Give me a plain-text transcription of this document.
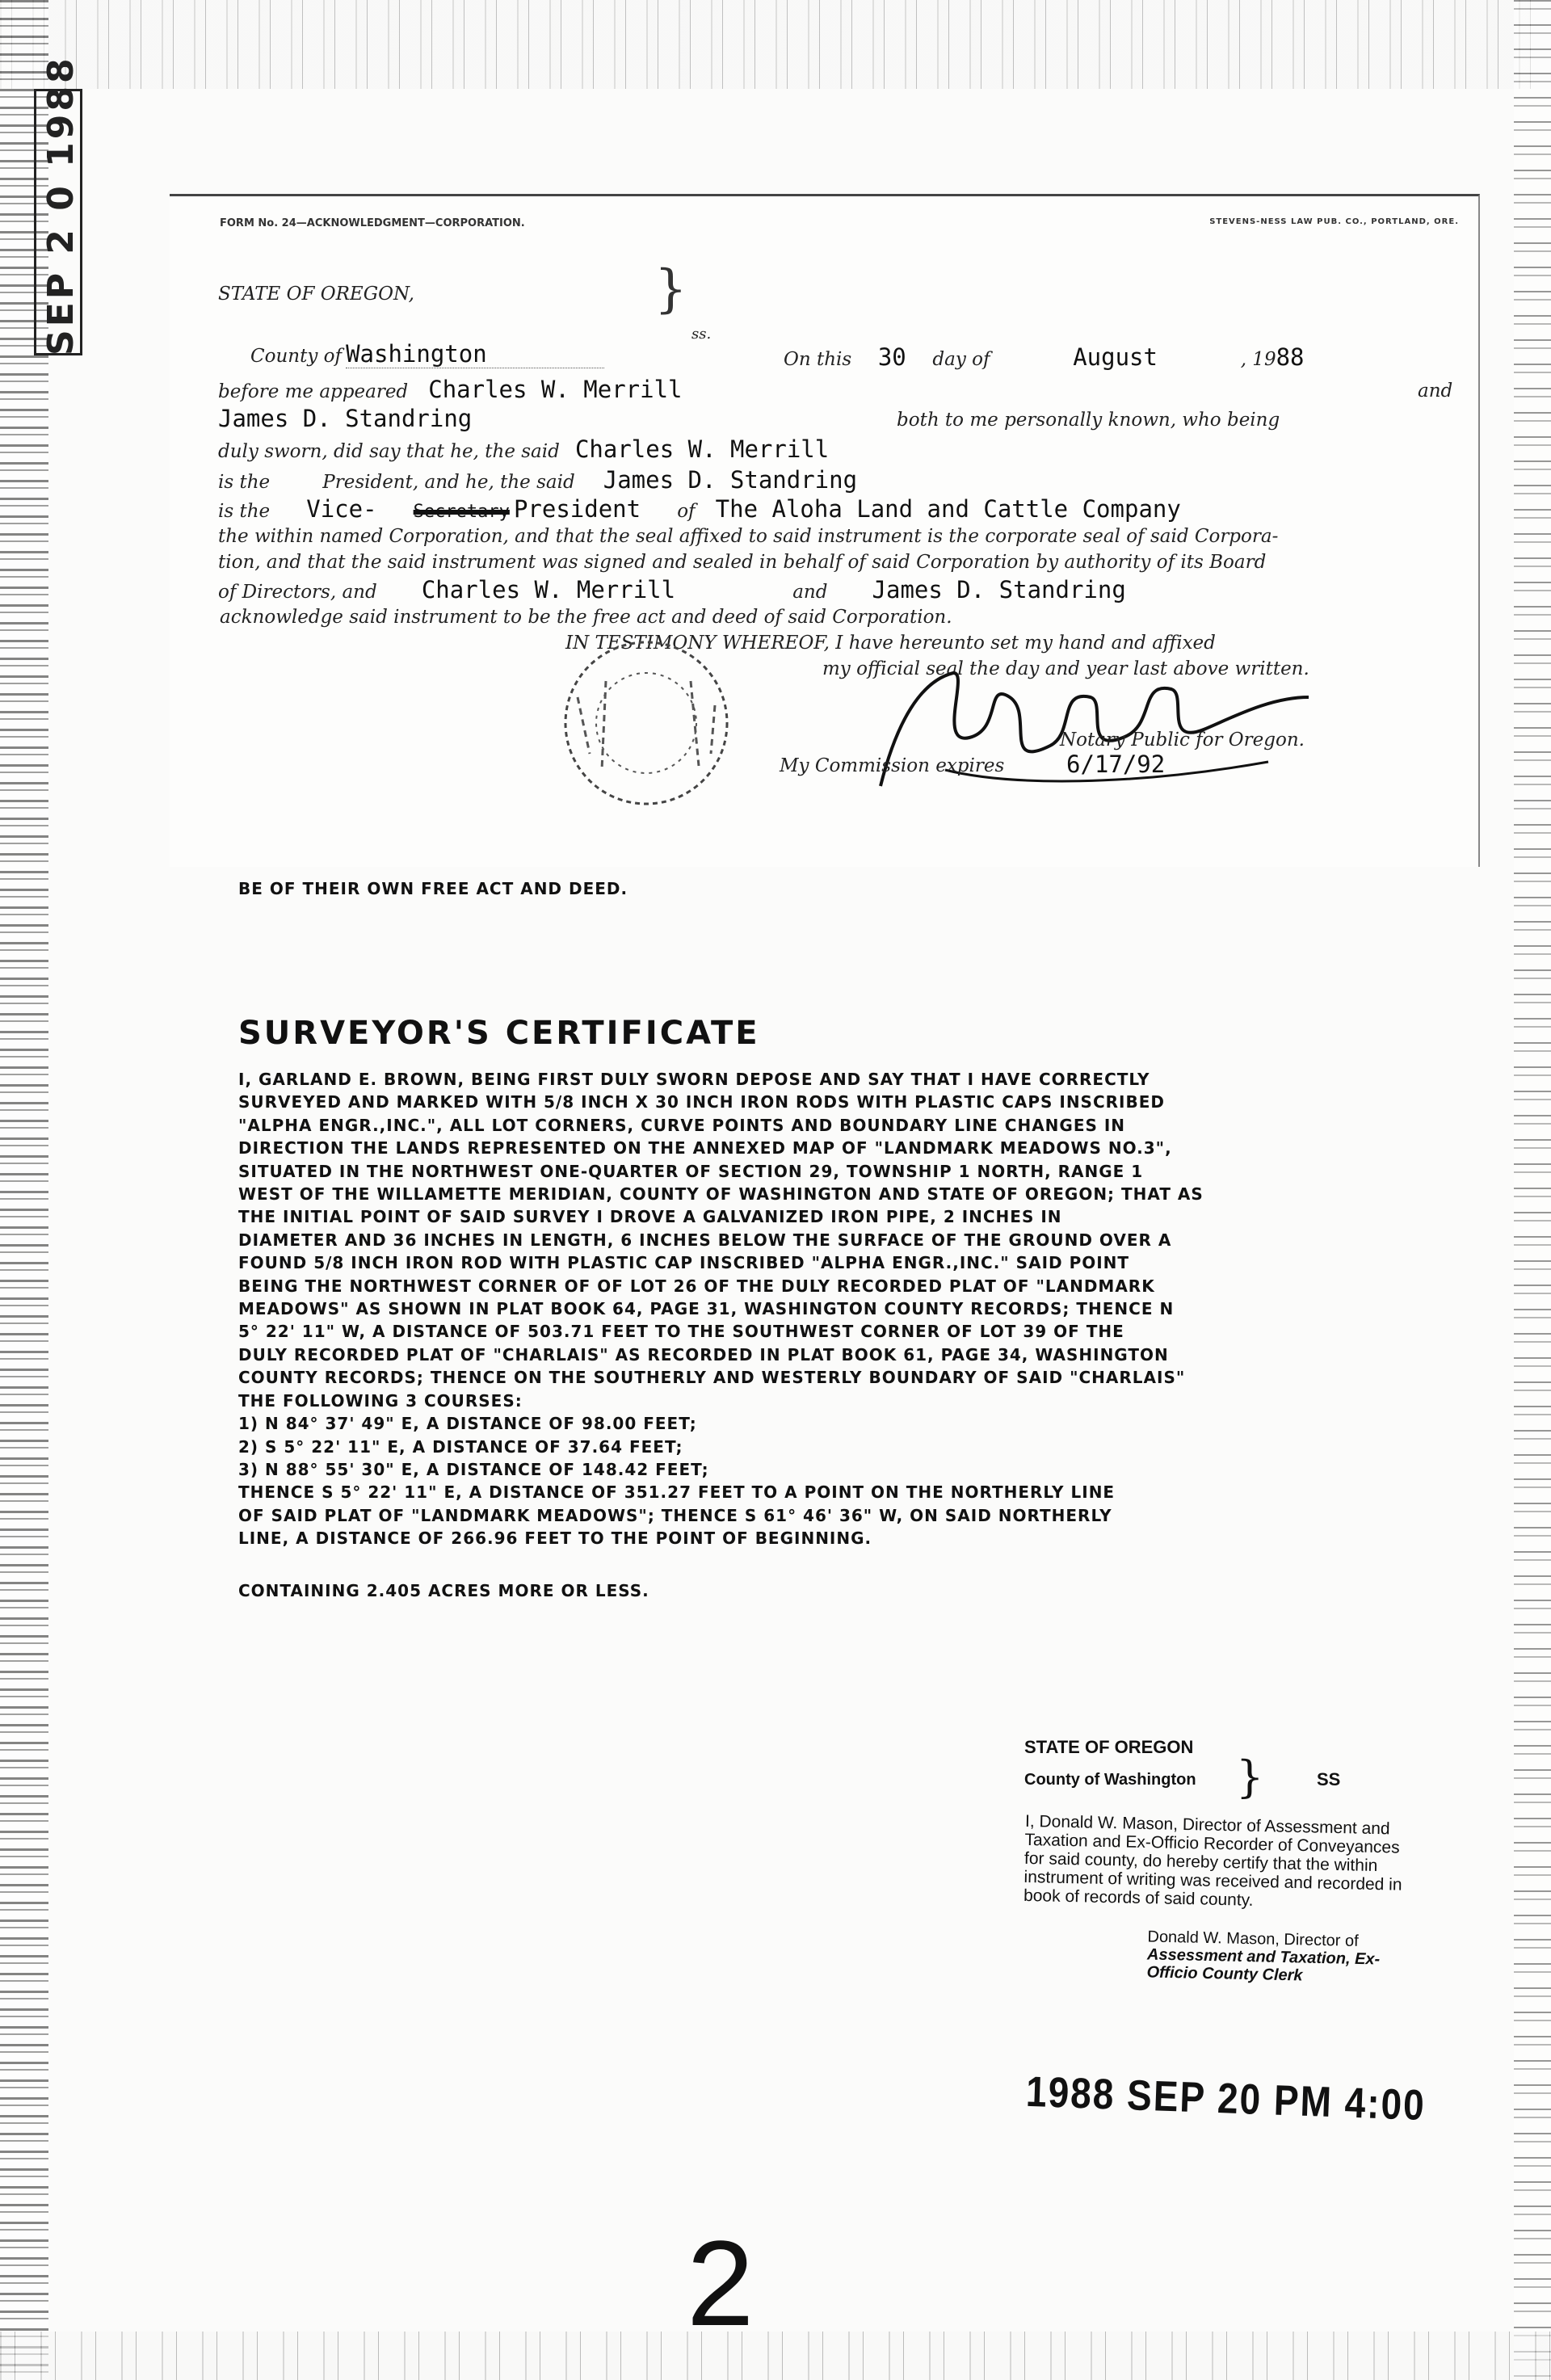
SEP 2 0 1988	FORM No. 24—ACKNOWLEDGMENT—CORPORATION.	STEVENS-NESS LAW PUB. CO., PORTLAND, ORE.
STATE OF OREGON,	}
ss.
County of Washington	On this 30 day of	August	, 1988
before me appeared Charles W. Merrill	and
James D. Standring	both to me personally known, who being
duly sworn, did say that he, the said Charles W. Merrill
is the	President, and he, the said James D. Standring
is the Vice- Secretary President of The Aloha Land and Cattle Company
the within named Corporation, and that the seal affixed to said instrument is the corporate seal of said Corpora-
tion, and that the said instrument was signed and sealed in behalf of said Corporation by authority of its Board
of Directors, and Charles W. Merrill	and James D. Standring
acknowledge said instrument to be the free act and deed of said Corporation.
IN TESTIMONY WHEREOF, I have hereunto set my hand and affixed
my official seal the day and year last above written.
Notary Public for Oregon.
My Commission expires	6/17/92
BE OF THEIR OWN FREE ACT AND DEED.
SURVEYOR'S CERTIFICATE
I, GARLAND E. BROWN, BEING FIRST DULY SWORN DEPOSE AND SAY THAT I HAVE CORRECTLY
SURVEYED AND MARKED WITH 5/8 INCH X 30 INCH IRON RODS WITH PLASTIC CAPS INSCRIBED
"ALPHA ENGR.,INC.", ALL LOT CORNERS, CURVE POINTS AND BOUNDARY LINE CHANGES IN
DIRECTION THE LANDS REPRESENTED ON THE ANNEXED MAP OF "LANDMARK MEADOWS NO.3",
SITUATED IN THE NORTHWEST ONE-QUARTER OF SECTION 29, TOWNSHIP 1 NORTH, RANGE 1
WEST OF THE WILLAMETTE MERIDIAN, COUNTY OF WASHINGTON AND STATE OF OREGON; THAT AS
THE INITIAL POINT OF SAID SURVEY I DROVE A GALVANIZED IRON PIPE, 2 INCHES IN
DIAMETER AND 36 INCHES IN LENGTH, 6 INCHES BELOW THE SURFACE OF THE GROUND OVER A
FOUND 5/8 INCH IRON ROD WITH PLASTIC CAP INSCRIBED "ALPHA ENGR.,INC." SAID POINT
BEING THE NORTHWEST CORNER OF OF LOT 26 OF THE DULY RECORDED PLAT OF "LANDMARK
MEADOWS" AS SHOWN IN PLAT BOOK 64, PAGE 31, WASHINGTON COUNTY RECORDS; THENCE N
5° 22' 11" W, A DISTANCE OF 503.71 FEET TO THE SOUTHWEST CORNER OF LOT 39 OF THE
DULY RECORDED PLAT OF "CHARLAIS" AS RECORDED IN PLAT BOOK 61, PAGE 34, WASHINGTON
COUNTY RECORDS; THENCE ON THE SOUTHERLY AND WESTERLY BOUNDARY OF SAID "CHARLAIS"
THE FOLLOWING 3 COURSES:
1) N 84° 37' 49" E, A DISTANCE OF 98.00 FEET;
2) S 5° 22' 11" E, A DISTANCE OF 37.64 FEET;
3) N 88° 55' 30" E, A DISTANCE OF 148.42 FEET;
THENCE S 5° 22' 11" E, A DISTANCE OF 351.27 FEET TO A POINT ON THE NORTHERLY LINE
OF SAID PLAT OF "LANDMARK MEADOWS"; THENCE S 61° 46' 36" W, ON SAID NORTHERLY
LINE, A DISTANCE OF 266.96 FEET TO THE POINT OF BEGINNING.
CONTAINING 2.405 ACRES MORE OR LESS.
STATE OF OREGON
County of Washington }	SS
I, Donald W. Mason, Director of Assessment and Taxation and Ex-Officio Recorder of Conveyances for said county, do hereby certify that the within instrument of writing was received and recorded in book of records of said county.
Donald W. Mason, Director of
Assessment and Taxation, Ex-
Officio County Clerk
1988 SEP 20 PM 4:00
2
